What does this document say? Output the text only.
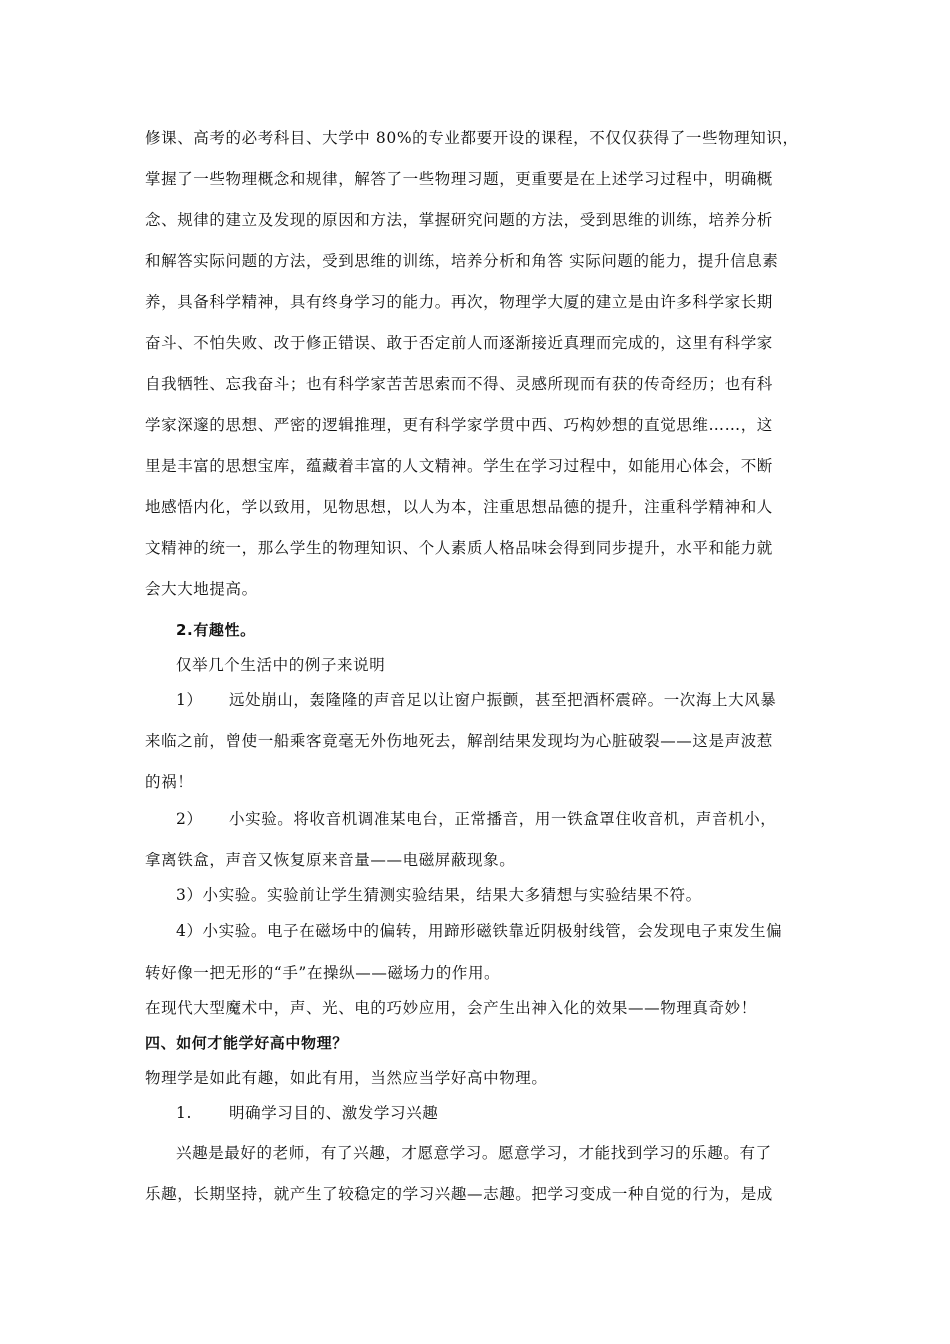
修课、高考的必考科目、大学中 80%的专业都要开设的课程，不仅仅获得了一些物理知识，
掌握了一些物理概念和规律，解答了一些物理习题，更重要是在上述学习过程中，明确概
念、规律的建立及发现的原因和方法，掌握研究问题的方法，受到思维的训练，培养分析
和解答实际问题的方法，受到思维的训练，培养分析和角答 实际问题的能力，提升信息素
养，具备科学精神，具有终身学习的能力。再次，物理学大厦的建立是由许多科学家长期
奋斗、不怕失败、改于修正错误、敢于否定前人而逐渐接近真理而完成的，这里有科学家
自我牺牲、忘我奋斗；也有科学家苦苦思索而不得、灵感所现而有获的传奇经历；也有科
学家深邃的思想、严密的逻辑推理，更有科学家学贯中西、巧构妙想的直觉思维……，这
里是丰富的思想宝库，蕴藏着丰富的人文精神。学生在学习过程中，如能用心体会，不断
地感悟内化，学以致用，见物思想，以人为本，注重思想品德的提升，注重科学精神和人
文精神的统一，那么学生的物理知识、个人素质人格品味会得到同步提升，水平和能力就
会大大地提高。
2.有趣性。
仅举几个生活中的例子来说明
1） 远处崩山，轰隆隆的声音足以让窗户振颤，甚至把酒杯震碎。一次海上大风暴
来临之前，曾使一船乘客竟毫无外伤地死去，解剖结果发现均为心脏破裂——这是声波惹
的祸！
2） 小实验。将收音机调准某电台，正常播音，用一铁盒罩住收音机，声音机小，
拿离铁盒，声音又恢复原来音量——电磁屏蔽现象。
3）小实验。实验前让学生猜测实验结果，结果大多猜想与实验结果不符。
4）小实验。电子在磁场中的偏转，用蹄形磁铁靠近阴极射线管，会发现电子束发生偏
转好像一把无形的“手”在操纵——磁场力的作用。
在现代大型魔术中，声、光、电的巧妙应用，会产生出神入化的效果——物理真奇妙！
四、如何才能学好高中物理？
物理学是如此有趣，如此有用，当然应当学好高中物理。
1. 明确学习目的、激发学习兴趣
兴趣是最好的老师，有了兴趣，才愿意学习。愿意学习，才能找到学习的乐趣。有了
乐趣，长期坚持，就产生了较稳定的学习兴趣—志趣。把学习变成一种自觉的行为，是成
